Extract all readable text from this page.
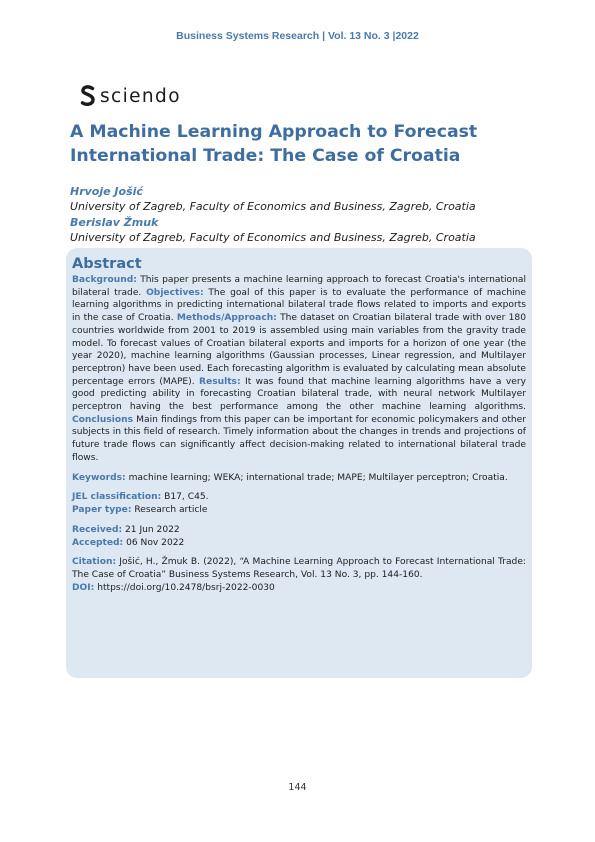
Business Systems Research | Vol. 13 No. 3 |2022
sciendo
A Machine Learning Approach to Forecast International Trade: The Case of Croatia
Hrvoje Jošić
University of Zagreb, Faculty of Economics and Business, Zagreb, Croatia
Berislav Žmuk
University of Zagreb, Faculty of Economics and Business, Zagreb, Croatia
Abstract

Background: This paper presents a machine learning approach to forecast Croatia's international bilateral trade. Objectives: The goal of this paper is to evaluate the performance of machine learning algorithms in predicting international bilateral trade flows related to imports and exports in the case of Croatia. Methods/Approach: The dataset on Croatian bilateral trade with over 180 countries worldwide from 2001 to 2019 is assembled using main variables from the gravity trade model. To forecast values of Croatian bilateral exports and imports for a horizon of one year (the year 2020), machine learning algorithms (Gaussian processes, Linear regression, and Multilayer perceptron) have been used. Each forecasting algorithm is evaluated by calculating mean absolute percentage errors (MAPE). Results: It was found that machine learning algorithms have a very good predicting ability in forecasting Croatian bilateral trade, with neural network Multilayer perceptron having the best performance among the other machine learning algorithms. Conclusions Main findings from this paper can be important for economic policymakers and other subjects in this field of research. Timely information about the changes in trends and projections of future trade flows can significantly affect decision-making related to international bilateral trade flows.

Keywords: machine learning; WEKA; international trade; MAPE; Multilayer perceptron; Croatia.

JEL classification: B17, C45.
Paper type: Research article
Received: 21 Jun 2022
Accepted: 06 Nov 2022

Citation: Jošić, H., Žmuk B. (2022), “A Machine Learning Approach to Forecast International Trade: The Case of Croatia” Business Systems Research, Vol. 13 No. 3, pp. 144-160.
DOI: https://doi.org/10.2478/bsrj-2022-0030

144
